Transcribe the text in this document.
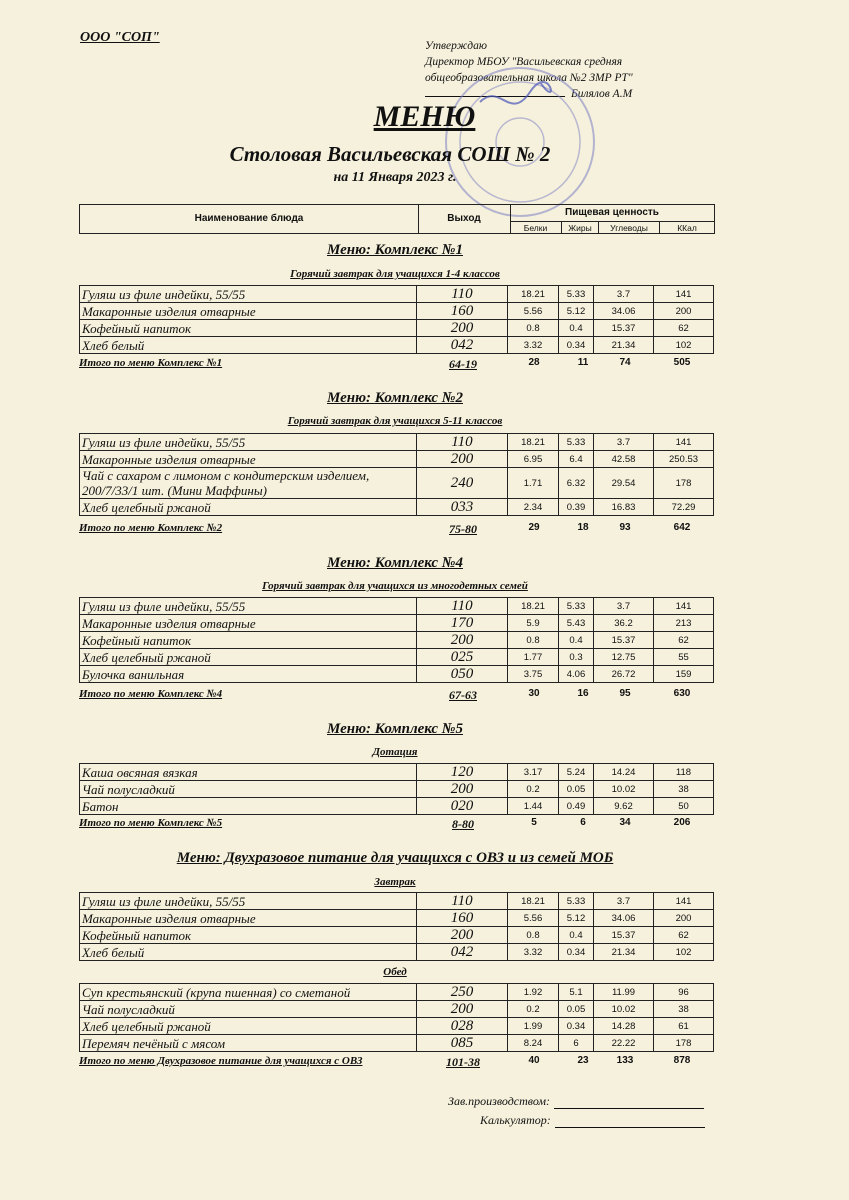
ООО "СОП"
Утверждаю
Директор МБОУ "Васильевская средняя
общеобразовательная школа №2 ЗМР РТ"
Билялов А.М
МЕНЮ
Столовая Васильевская СОШ № 2
на 11 Января 2023 г.
Наименование блюда	Выход
Пищевая ценность
Белки	Жиры	Углеводы	ККал
Меню: Комплекс №1
Горячий завтрак для учащихся 1-4 классов
Гуляш из филе индейки, 55/55	110	18.21	5.33	3.7	141
Макаронные изделия отварные	160	5.56	5.12	34.06	200
Кофейный напиток	200	0.8	0.4	15.37	62
Хлеб белый	042	3.32	0.34	21.34	102
Итого по меню Комплекс №1	64-19	28	11	74	505
Меню: Комплекс №2
Горячий завтрак для учащихся 5-11 классов
Гуляш из филе индейки, 55/55	110	18.21	5.33	3.7	141
Макаронные изделия отварные	200	6.95	6.4	42.58	250.53
Чай с сахаром с лимоном с кондитерским изделием, 200/7/33/1 шт. (Мини Маффины)	240	1.71	6.32	29.54	178
Хлеб целебный ржаной	033	2.34	0.39	16.83	72.29
Итого по меню Комплекс №2	75-80	29	18	93	642
Меню: Комплекс №4
Горячий завтрак для учащихся из многодетных семей
Гуляш из филе индейки, 55/55	110	18.21	5.33	3.7	141
Макаронные изделия отварные	170	5.9	5.43	36.2	213
Кофейный напиток	200	0.8	0.4	15.37	62
Хлеб целебный ржаной	025	1.77	0.3	12.75	55
Булочка ванильная	050	3.75	4.06	26.72	159
Итого по меню Комплекс №4	67-63	30	16	95	630
Меню: Комплекс №5
Дотация
Каша овсяная вязкая	120	3.17	5.24	14.24	118
Чай полусладкий	200	0.2	0.05	10.02	38
Батон	020	1.44	0.49	9.62	50
Итого по меню Комплекс №5	8-80	5	6	34	206
Меню: Двухразовое питание для учащихся с ОВЗ и из семей МОБ
Завтрак
Гуляш из филе индейки, 55/55	110	18.21	5.33	3.7	141
Макаронные изделия отварные	160	5.56	5.12	34.06	200
Кофейный напиток	200	0.8	0.4	15.37	62
Хлеб белый	042	3.32	0.34	21.34	102
Обед
Суп крестьянский (крупа пшенная) со сметаной	250	1.92	5.1	11.99	96
Чай полусладкий	200	0.2	0.05	10.02	38
Хлеб целебный ржаной	028	1.99	0.34	14.28	61
Перемяч печёный с мясом	085	8.24	6	22.22	178
Итого по меню Двухразовое питание для учащихся с ОВЗ	101-38	40	23	133	878
Зав.производством:
Калькулятор:
